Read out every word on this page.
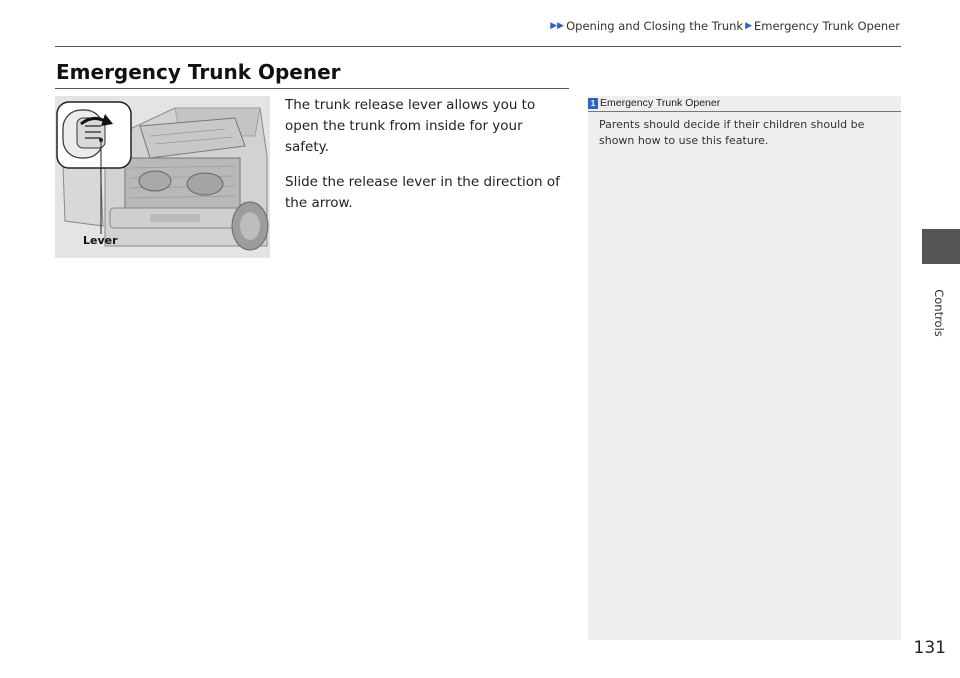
▶▶ Opening and Closing the Trunk ▶ Emergency Trunk Opener
Emergency Trunk Opener
Lever

The trunk release lever allows you to open the trunk from inside for your safety.

Slide the release lever in the direction of the arrow.

1 Emergency Trunk Opener
Parents should decide if their children should be shown how to use this feature.
Controls
131
